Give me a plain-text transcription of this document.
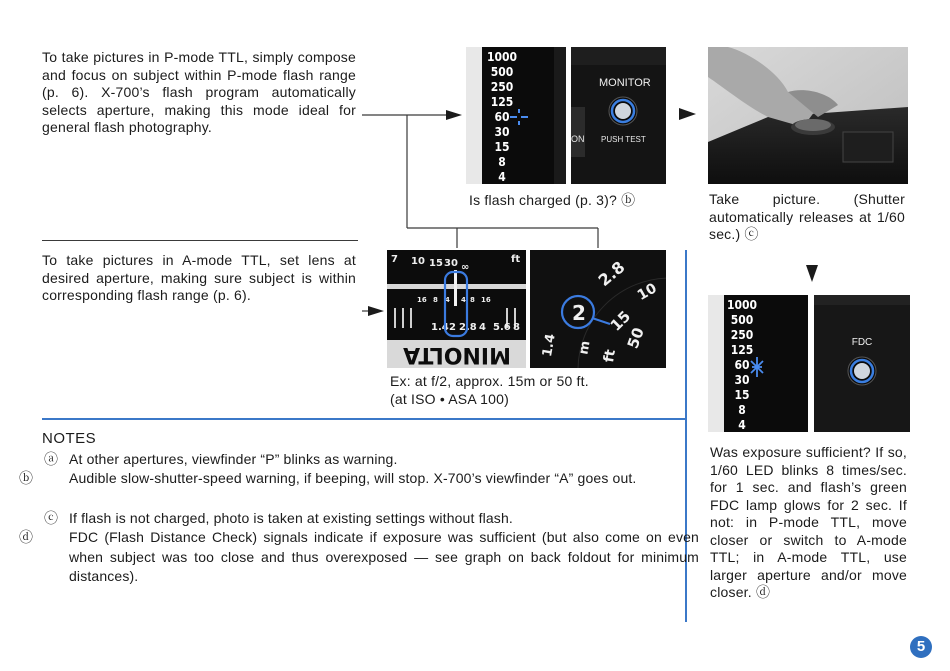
To take pictures in P-mode TTL, simply compose and focus on subject within P-mode flash range (p. 6). X-700’s flash program automatically selects aperture, making this mode ideal for general flash photography.
To take pictures in A-mode TTL, set lens at desired aperture, making sure subject is within corresponding flash range (p. 6).
1000
500
250
125
60
30
15
8
4
MONITOR
ON PUSH TEST
Is flash charged (p. 3)? ⓑ	Take picture. (Shutter automatically releases at 1/60 sec.) ⓒ
7 10 15 30 ∞
ft
16 8 4 4 8 16
1.4 2 2.8 4 5.6 8
MINOLTA
2.8
10
15
2
50
1.4 m
ft
Ex: at f/2, approx. 15m or 50 ft.
(at ISO • ASA 100)
1000
500
250
125
60
30
15
8
4
FDC
Was exposure sufficient? If so, 1/60 LED blinks 8 times/sec. for 1 sec. and flash’s green FDC lamp glows for 2 sec. If not: in P-mode TTL, move closer or switch to A-mode TTL; in A-mode TTL, use larger aperture and/or move closer. ⓓ
NOTES
ⓐ At other apertures, viewfinder “P” blinks as warning.
ⓑ	Audible slow-shutter-speed warning, if beeping, will stop. X-700’s viewfinder “A” goes out.
ⓒ If flash is not charged, photo is taken at existing settings without flash.
ⓓ	FDC (Flash Distance Check) signals indicate if exposure was sufficient (but also come on even when subject was too close and thus overexposed — see graph on back foldout for minimum distances).
5
